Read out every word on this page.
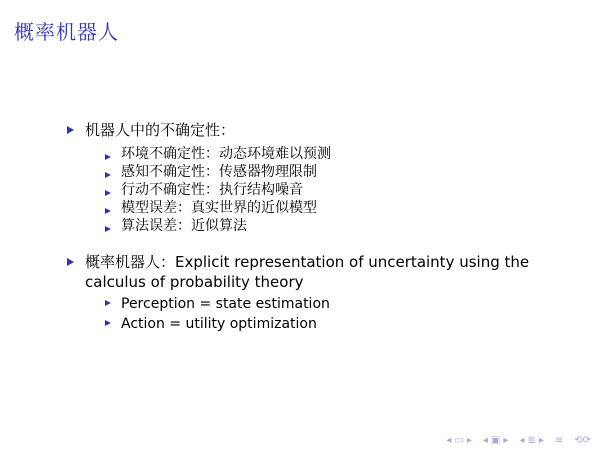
概率机器人
机器人中的不确定性：
环境不确定性：动态环境难以预测
感知不确定性：传感器物理限制
行动不确定性：执行结构噪音
模型误差：真实世界的近似模型
算法误差：近似算法
概率机器人：Explicit representation of uncertainty using the calculus of probability theory
Perception = state estimation
Action = utility optimization
◂ ▭ ▸ ◂ ▣ ▸ ◂ ≣ ▸ ≡ ⟲⟳
